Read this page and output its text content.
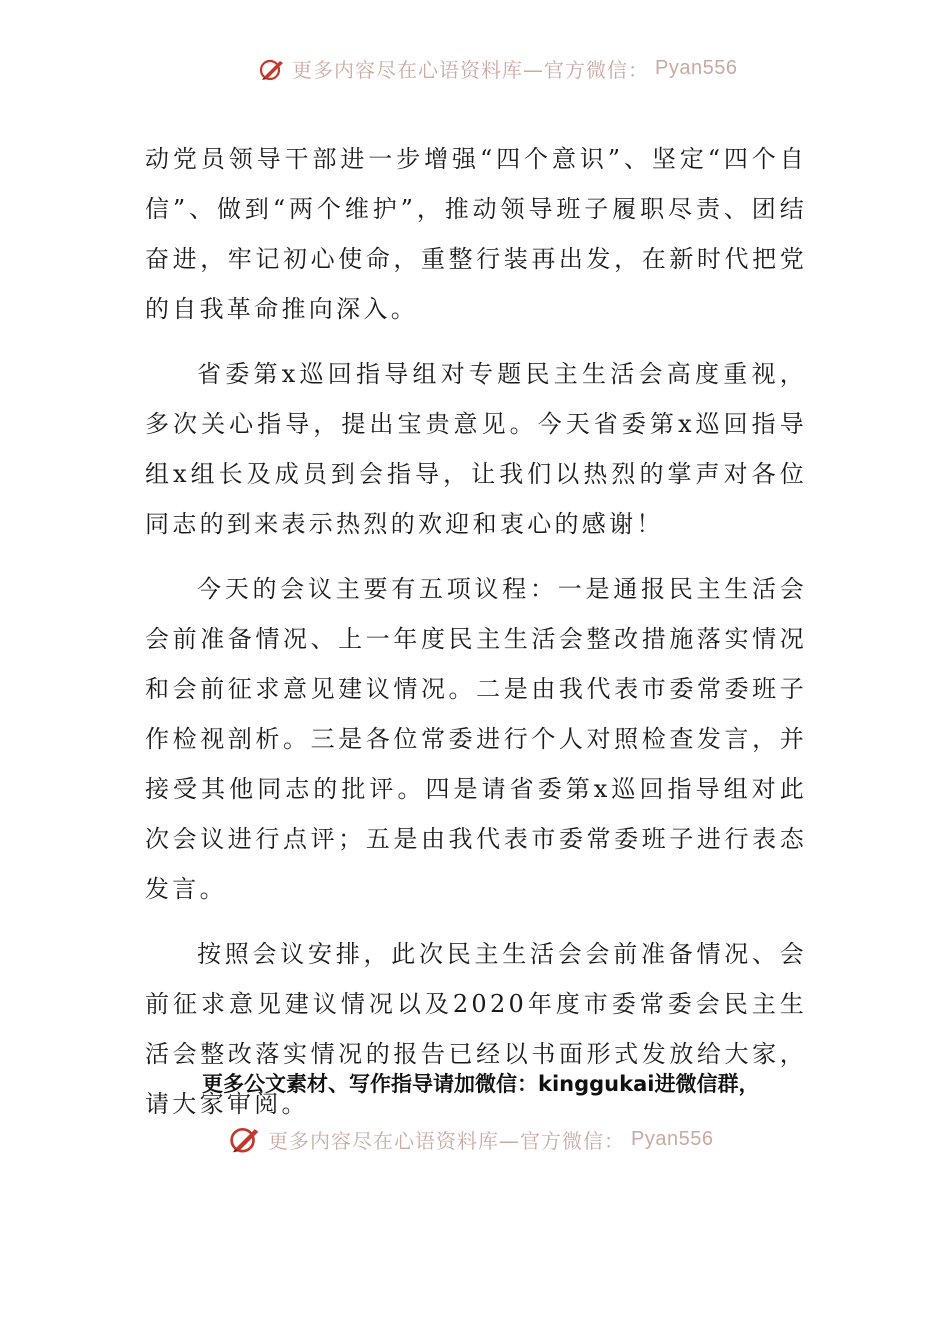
更多内容尽在心语资料库—官方微信： Pyan556

动党员领导干部进一步增强“四个意识”、坚定“四个自信”、做到“两个维护”，推动领导班子履职尽责、团结奋进，牢记初心使命，重整行装再出发，在新时代把党的自我革命推向深入。

省委第x巡回指导组对专题民主生活会高度重视，多次关心指导，提出宝贵意见。今天省委第x巡回指导组x组长及成员到会指导，让我们以热烈的掌声对各位同志的到来表示热烈的欢迎和衷心的感谢！

今天的会议主要有五项议程：一是通报民主生活会会前准备情况、上一年度民主生活会整改措施落实情况和会前征求意见建议情况。二是由我代表市委常委班子作检视剖析。三是各位常委进行个人对照检查发言，并接受其他同志的批评。四是请省委第x巡回指导组对此次会议进行点评；五是由我代表市委常委班子进行表态发言。

按照会议安排，此次民主生活会会前准备情况、会前征求意见建议情况以及2020年度市委常委会民主生活会整改落实情况的报告已经以书面形式发放给大家，请大家审阅。

更多公文素材、写作指导请加微信：kinggukai进微信群，
更多内容尽在心语资料库—官方微信： Pyan556
